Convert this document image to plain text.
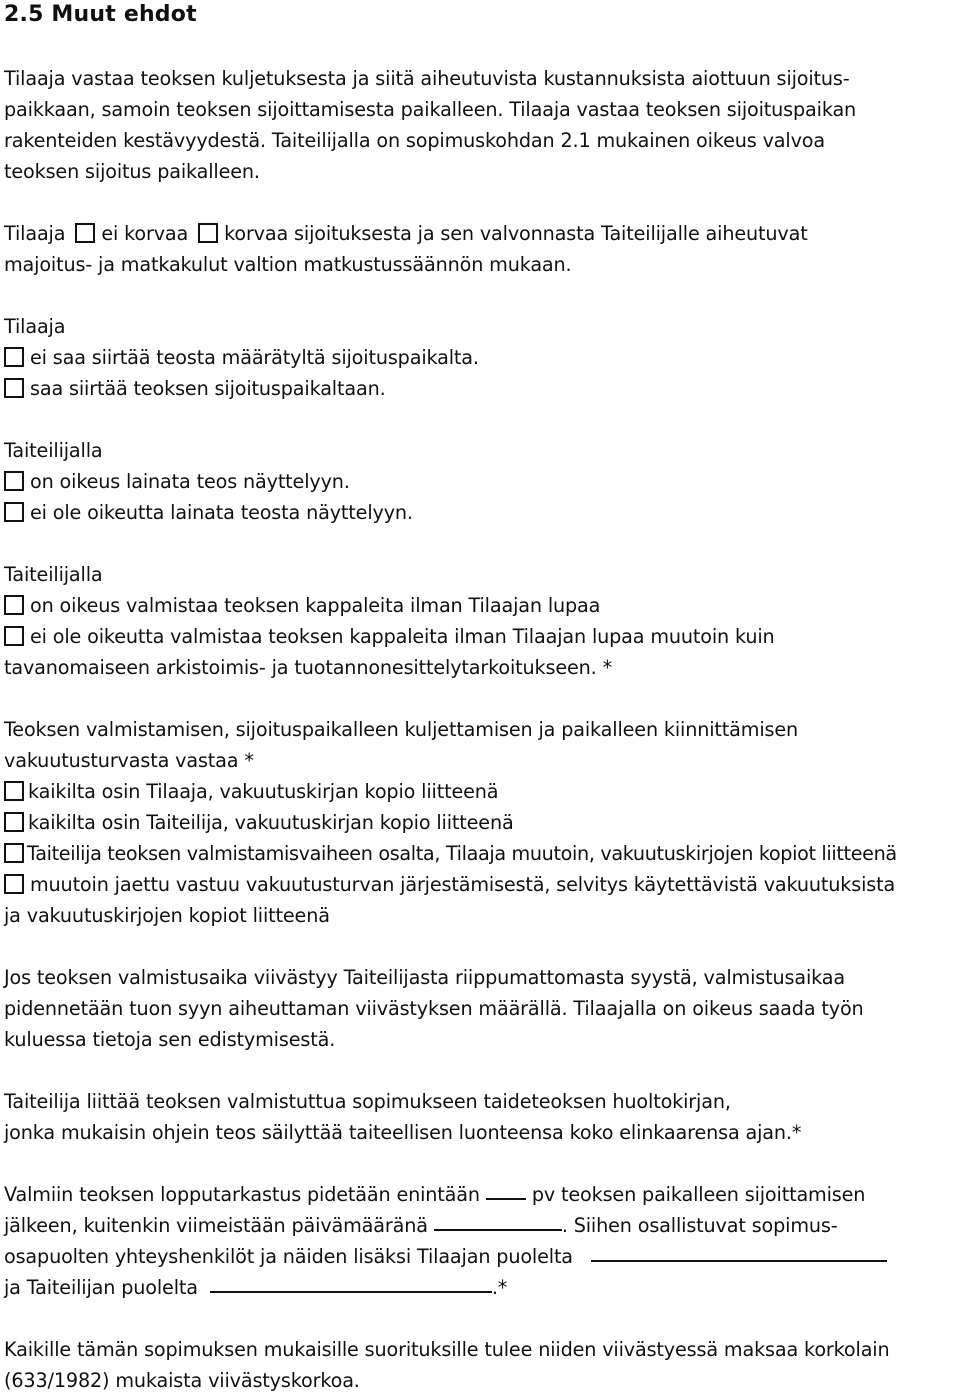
2.5 Muut ehdot
Tilaaja vastaa teoksen kuljetuksesta ja siitä aiheutuvista kustannuksista aiottuun sijoitus-
paikkaan, samoin teoksen sijoittamisesta paikalleen. Tilaaja vastaa teoksen sijoituspaikan
rakenteiden kestävyydestä. Taiteilijalla on sopimuskohdan 2.1 mukainen oikeus valvoa
teoksen sijoitus paikalleen.
Tilaaja ei korvaa korvaa sijoituksesta ja sen valvonnasta Taiteilijalle aiheutuvat
majoitus- ja matkakulut valtion matkustussäännön mukaan.
Tilaaja
ei saa siirtää teosta määrätyltä sijoituspaikalta.
saa siirtää teoksen sijoituspaikaltaan.
Taiteilijalla
on oikeus lainata teos näyttelyyn.
ei ole oikeutta lainata teosta näyttelyyn.
Taiteilijalla
on oikeus valmistaa teoksen kappaleita ilman Tilaajan lupaa
ei ole oikeutta valmistaa teoksen kappaleita ilman Tilaajan lupaa muutoin kuin
tavanomaiseen arkistoimis- ja tuotannonesittelytarkoitukseen. *
Teoksen valmistamisen, sijoituspaikalleen kuljettamisen ja paikalleen kiinnittämisen
vakuutusturvasta vastaa *
kaikilta osin Tilaaja, vakuutuskirjan kopio liitteenä
kaikilta osin Taiteilija, vakuutuskirjan kopio liitteenä
Taiteilija teoksen valmistamisvaiheen osalta, Tilaaja muutoin, vakuutuskirjojen kopiot liitteenä
muutoin jaettu vastuu vakuutusturvan järjestämisestä, selvitys käytettävistä vakuutuksista
ja vakuutuskirjojen kopiot liitteenä
Jos teoksen valmistusaika viivästyy Taiteilijasta riippumattomasta syystä, valmistusaikaa
pidennetään tuon syyn aiheuttaman viivästyksen määrällä. Tilaajalla on oikeus saada työn
kuluessa tietoja sen edistymisestä.
Taiteilija liittää teoksen valmistuttua sopimukseen taideteoksen huoltokirjan,
jonka mukaisin ohjein teos säilyttää taiteellisen luonteensa koko elinkaarensa ajan.*
Valmiin teoksen lopputarkastus pidetään enintään	pv teoksen paikalleen sijoittamisen
jälkeen, kuitenkin viimeistään päivämääränä	. Siihen osallistuvat sopimus-
osapuolten yhteyshenkilöt ja näiden lisäksi Tilaajan puolelta
ja Taiteilijan puolelta	.*
Kaikille tämän sopimuksen mukaisille suorituksille tulee niiden viivästyessä maksaa korkolain
(633/1982) mukaista viivästyskorkoa.
